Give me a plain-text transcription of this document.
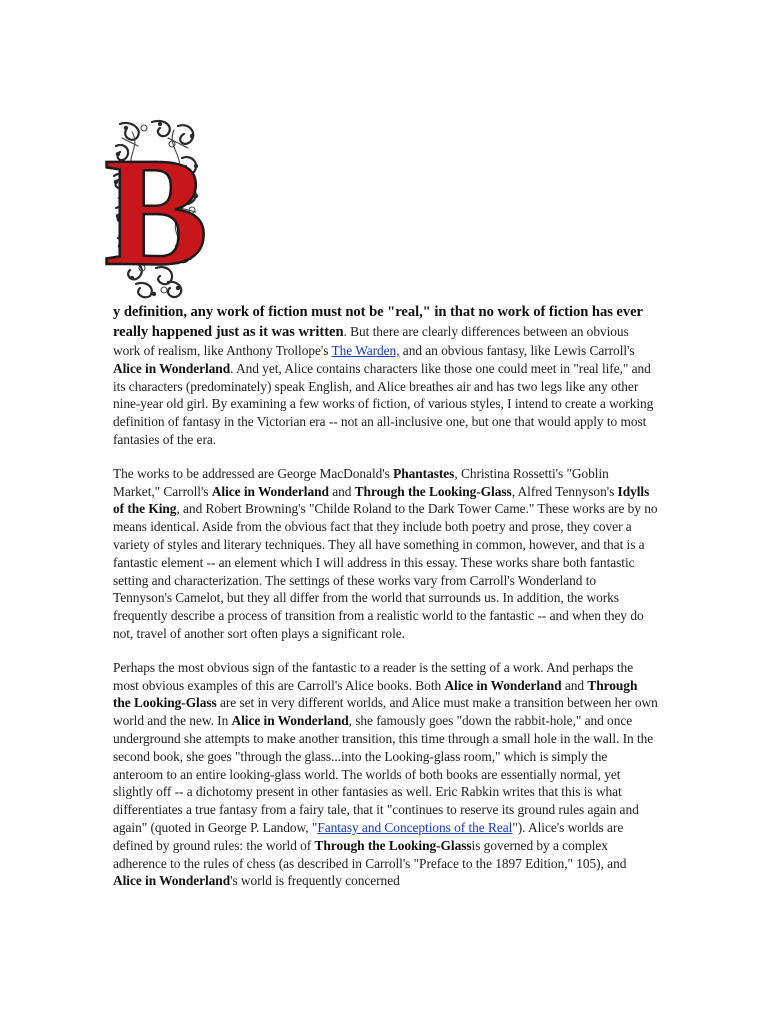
B

y definition, any work of fiction must not be "real," in that no work of fiction has ever really happened just as it was written. But there are clearly differences between an obvious work of realism, like Anthony Trollope's The Warden, and an obvious fantasy, like Lewis Carroll's Alice in Wonderland. And yet, Alice contains characters like those one could meet in "real life," and its characters (predominately) speak English, and Alice breathes air and has two legs like any other nine-year old girl. By examining a few works of fiction, of various styles, I intend to create a working definition of fantasy in the Victorian era -- not an all-inclusive one, but one that would apply to most fantasies of the era.

The works to be addressed are George MacDonald's Phantastes, Christina Rossetti's "Goblin Market," Carroll's Alice in Wonderland and Through the Looking-Glass, Alfred Tennyson's Idylls of the King, and Robert Browning's "Childe Roland to the Dark Tower Came." These works are by no means identical. Aside from the obvious fact that they include both poetry and prose, they cover a variety of styles and literary techniques. They all have something in common, however, and that is a fantastic element -- an element which I will address in this essay. These works share both fantastic setting and characterization. The settings of these works vary from Carroll's Wonderland to Tennyson's Camelot, but they all differ from the world that surrounds us. In addition, the works frequently describe a process of transition from a realistic world to the fantastic -- and when they do not, travel of another sort often plays a significant role.

Perhaps the most obvious sign of the fantastic to a reader is the setting of a work. And perhaps the most obvious examples of this are Carroll's Alice books. Both Alice in Wonderland and Through the Looking-Glass are set in very different worlds, and Alice must make a transition between her own world and the new. In Alice in Wonderland, she famously goes "down the rabbit-hole," and once underground she attempts to make another transition, this time through a small hole in the wall. In the second book, she goes "through the glass...into the Looking-glass room," which is simply the anteroom to an entire looking-glass world. The worlds of both books are essentially normal, yet slightly off -- a dichotomy present in other fantasies as well. Eric Rabkin writes that this is what differentiates a true fantasy from a fairy tale, that it "continues to reserve its ground rules again and again" (quoted in George P. Landow, "Fantasy and Conceptions of the Real"). Alice's worlds are defined by ground rules: the world of Through the Looking-Glassis governed by a complex adherence to the rules of chess (as described in Carroll's "Preface to the 1897 Edition," 105), and Alice in Wonderland's world is frequently concerned
